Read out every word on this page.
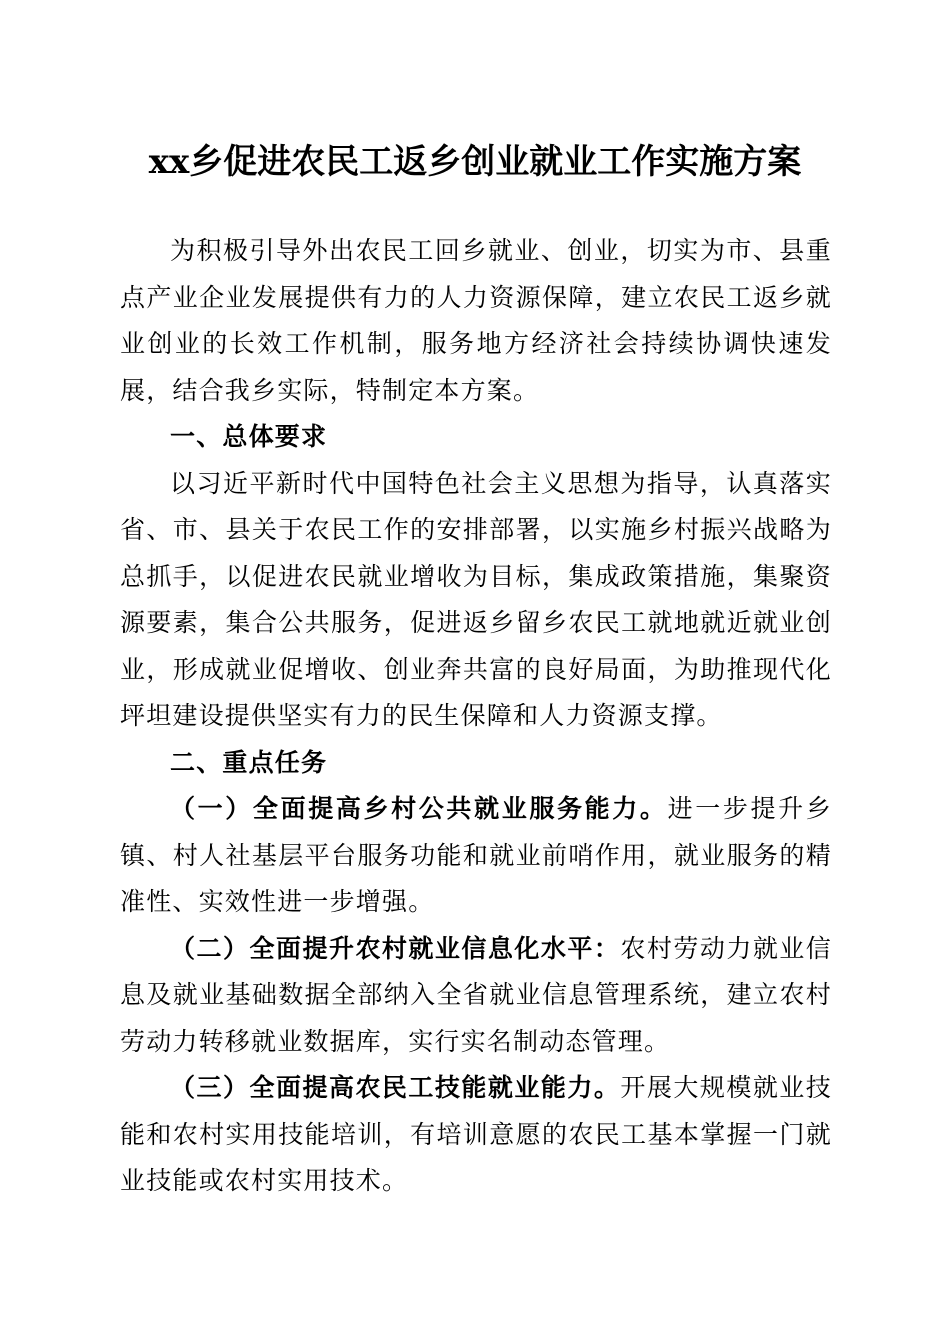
xx乡促进农民工返乡创业就业工作实施方案

为积极引导外出农民工回乡就业、创业，切实为市、县重点产业企业发展提供有力的人力资源保障，建立农民工返乡就业创业的长效工作机制，服务地方经济社会持续协调快速发展，结合我乡实际，特制定本方案。

一、总体要求

以习近平新时代中国特色社会主义思想为指导，认真落实省、市、县关于农民工作的安排部署，以实施乡村振兴战略为总抓手，以促进农民就业增收为目标，集成政策措施，集聚资源要素，集合公共服务，促进返乡留乡农民工就地就近就业创业，形成就业促增收、创业奔共富的良好局面，为助推现代化坪坦建设提供坚实有力的民生保障和人力资源支撑。

二、重点任务

（一）全面提高乡村公共就业服务能力。进一步提升乡镇、村人社基层平台服务功能和就业前哨作用，就业服务的精准性、实效性进一步增强。

（二）全面提升农村就业信息化水平：农村劳动力就业信息及就业基础数据全部纳入全省就业信息管理系统，建立农村劳动力转移就业数据库，实行实名制动态管理。

（三）全面提高农民工技能就业能力。开展大规模就业技能和农村实用技能培训，有培训意愿的农民工基本掌握一门就业技能或农村实用技术。
